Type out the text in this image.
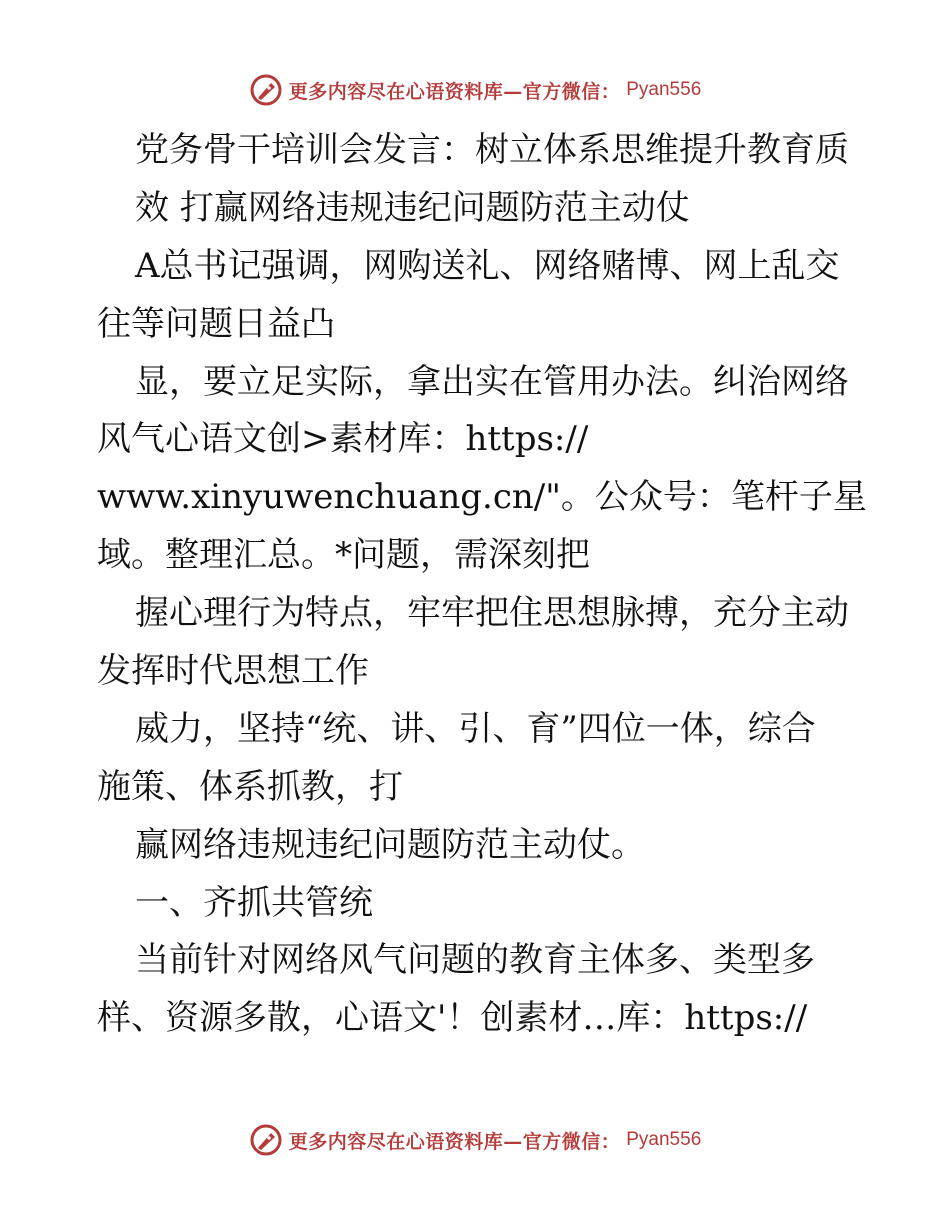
更多内容尽在心语资料库—官方微信： Pyan556
党务骨干培训会发言：树立体系思维提升教育质
效 打赢网络违规违纪问题防范主动仗
A总书记强调，网购送礼、网络赌博、网上乱交
往等问题日益凸
显，要立足实际，拿出实在管用办法。纠治网络
风气心语文创>素材库：https://
www.xinyuwenchuang.cn/"。公众号：笔杆子星
域。整理汇总。*问题，需深刻把
握心理行为特点，牢牢把住思想脉搏，充分主动
发挥时代思想工作
威力，坚持“统、讲、引、育”四位一体，综合
施策、体系抓教，打
赢网络违规违纪问题防范主动仗。
一、齐抓共管统
当前针对网络风气问题的教育主体多、类型多
样、资源多散，心语文'！创素材…库：https://
更多内容尽在心语资料库—官方微信： Pyan556
